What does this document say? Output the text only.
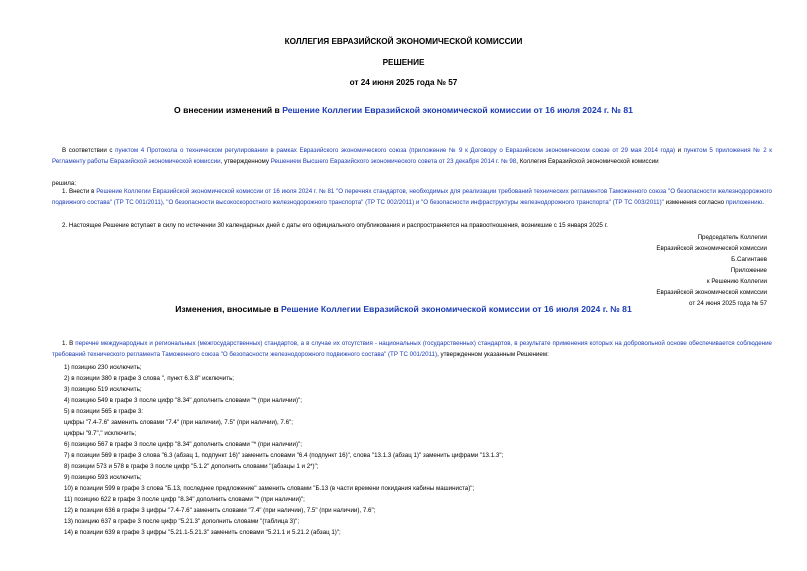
КОЛЛЕГИЯ ЕВРАЗИЙСКОЙ ЭКОНОМИЧЕСКОЙ КОМИССИИ
РЕШЕНИЕ
от 24 июня 2025 года № 57
О внесении изменений в Решение Коллегии Евразийской экономической комиссии от 16 июля 2024 г. № 81
В соответствии с пунктом 4 Протокола о техническом регулировании в рамках Евразийского экономического союза (приложение № 9 к Договору о Евразийском экономическом союзе от 29 мая 2014 года) и пунктом 5 приложения № 2 к Регламенту работы Евразийской экономической комиссии, утвержденному Решением Высшего Евразийского экономического совета от 23 декабря 2014 г. № 98, Коллегия Евразийской экономической комиссии
решила:
1. Внести в Решение Коллегии Евразийской экономической комиссии от 16 июля 2024 г. № 81 "О перечнях стандартов, необходимых для реализации требований технических регламентов Таможенного союза "О безопасности железнодорожного подвижного состава" (ТР ТС 001/2011), "О безопасности высокоскоростного железнодорожного транспорта" (ТР ТС 002/2011) и "О безопасности инфраструктуры железнодорожного транспорта" (ТР ТС 003/2011)" изменения согласно приложению.
2. Настоящее Решение вступает в силу по истечении 30 календарных дней с даты его официального опубликования и распространяется на правоотношения, возникшие с 15 января 2025 г.
Председатель Коллегии
Евразийской экономической комиссии
Б.Сагинтаев
Приложение
к Решению Коллегии
Евразийской экономической комиссии
от 24 июня 2025 года № 57
Изменения, вносимые в Решение Коллегии Евразийской экономической комиссии от 16 июля 2024 г. № 81
1. В перечне международных и региональных (межгосударственных) стандартов, а в случае их отсутствия - национальных (государственных) стандартов, в результате применения которых на добровольной основе обеспечивается соблюдение требований технического регламента Таможенного союза "О безопасности железнодорожного подвижного состава" (ТР ТС 001/2011), утвержденном указанным Решением:
1) позицию 230 исключить;
2) в позиции 380 в графе 3 слова ", пункт 6.3.8" исключить;
3) позицию 519 исключить;
4) позицию 549 в графе 3 после цифр "8.34" дополнить словами "* (при наличии)";
5) в позиции 565 в графе 3:
цифры "7.4-7.6" заменить словами "7.4" (при наличии), 7.5" (при наличии), 7.6";
цифры "9.7"," исключить;
6) позицию 567 в графе 3 после цифр "8.34" дополнить словами "* (при наличии)";
7) в позиции 569 в графе 3 слова "6.3 (абзац 1, подпункт 16)" заменить словами "6.4 (подпункт 16)", слова "13.1.3 (абзац 1)" заменить цифрами "13.1.3";
8) позиции 573 и 578 в графе 3 после цифр "5.1.2" дополнить словами "(абзацы 1 и 2*)";
9) позицию 593 исключить;
10) в позиции 599 в графе 3 слова "Б.13, последнее предложение" заменить словами "Б.13 (в части времени покидания кабины машиниста)";
11) позицию 622 в графе 3 после цифр "8.34" дополнить словами "* (при наличии)";
12) в позиции 636 в графе 3 цифры "7.4-7.6" заменить словами "7.4" (при наличии), 7.5" (при наличии), 7.6";
13) позицию 637 в графе 3 после цифр "5.21.3" дополнить словами "(таблица 3)";
14) в позиции 639 в графе 3 цифры "5.21.1-5.21.3" заменить словами "5.21.1 и 5.21.2 (абзац 1)";
